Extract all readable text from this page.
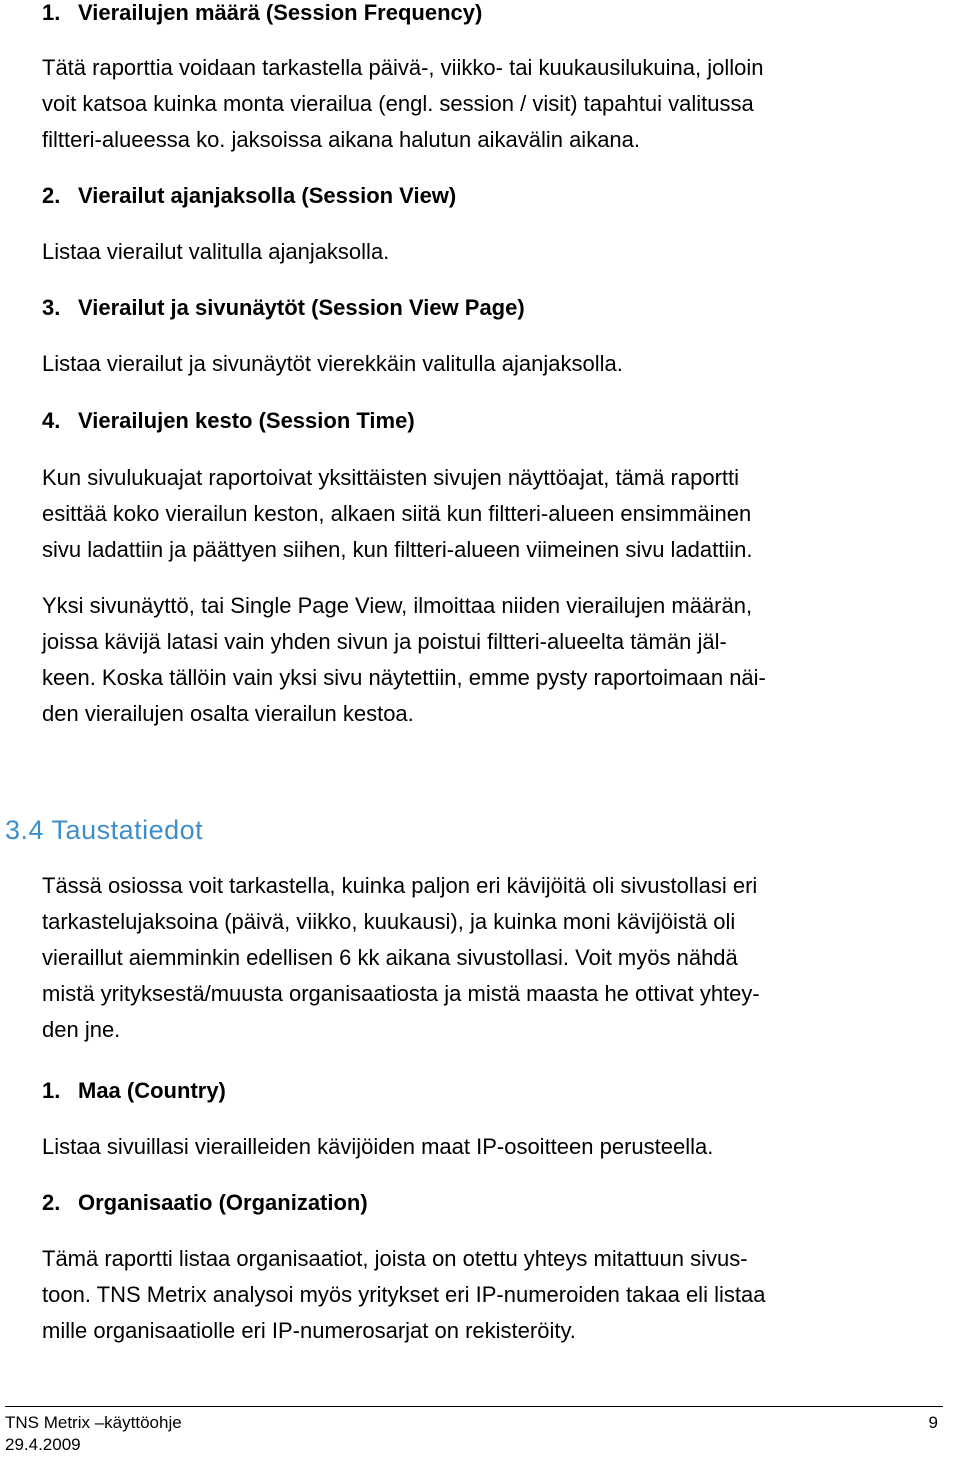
1. Vierailujen määrä (Session Frequency)
Tätä raporttia voidaan tarkastella päivä-, viikko- tai kuukausilukuina, jolloin
voit katsoa kuinka monta vierailua (engl. session / visit) tapahtui valitussa
filtteri-alueessa ko. jaksoissa aikana halutun aikavälin aikana.
2. Vierailut ajanjaksolla (Session View)
Listaa vierailut valitulla ajanjaksolla.
3. Vierailut ja sivunäytöt (Session View Page)
Listaa vierailut ja sivunäytöt vierekkäin valitulla ajanjaksolla.
4. Vierailujen kesto (Session Time)
Kun sivulukuajat raportoivat yksittäisten sivujen näyttöajat, tämä raportti
esittää koko vierailun keston, alkaen siitä kun filtteri-alueen ensimmäinen
sivu ladattiin ja päättyen siihen, kun filtteri-alueen viimeinen sivu ladattiin.
Yksi sivunäyttö, tai Single Page View, ilmoittaa niiden vierailujen määrän,
joissa kävijä latasi vain yhden sivun ja poistui filtteri-alueelta tämän jäl-
keen. Koska tällöin vain yksi sivu näytettiin, emme pysty raportoimaan näi-
den vierailujen osalta vierailun kestoa.
3.4 Taustatiedot
Tässä osiossa voit tarkastella, kuinka paljon eri kävijöitä oli sivustollasi eri
tarkastelujaksoina (päivä, viikko, kuukausi), ja kuinka moni kävijöistä oli
vieraillut aiemminkin edellisen 6 kk aikana sivustollasi. Voit myös nähdä
mistä yrityksestä/muusta organisaatiosta ja mistä maasta he ottivat yhtey-
den jne.
1. Maa (Country)
Listaa sivuillasi vierailleiden kävijöiden maat IP-osoitteen perusteella.
2. Organisaatio (Organization)
Tämä raportti listaa organisaatiot, joista on otettu yhteys mitattuun sivus-
toon. TNS Metrix analysoi myös yritykset eri IP-numeroiden takaa eli listaa
mille organisaatiolle eri IP-numerosarjat on rekisteröity.
TNS Metrix –käyttöohje
29.4.2009
9
